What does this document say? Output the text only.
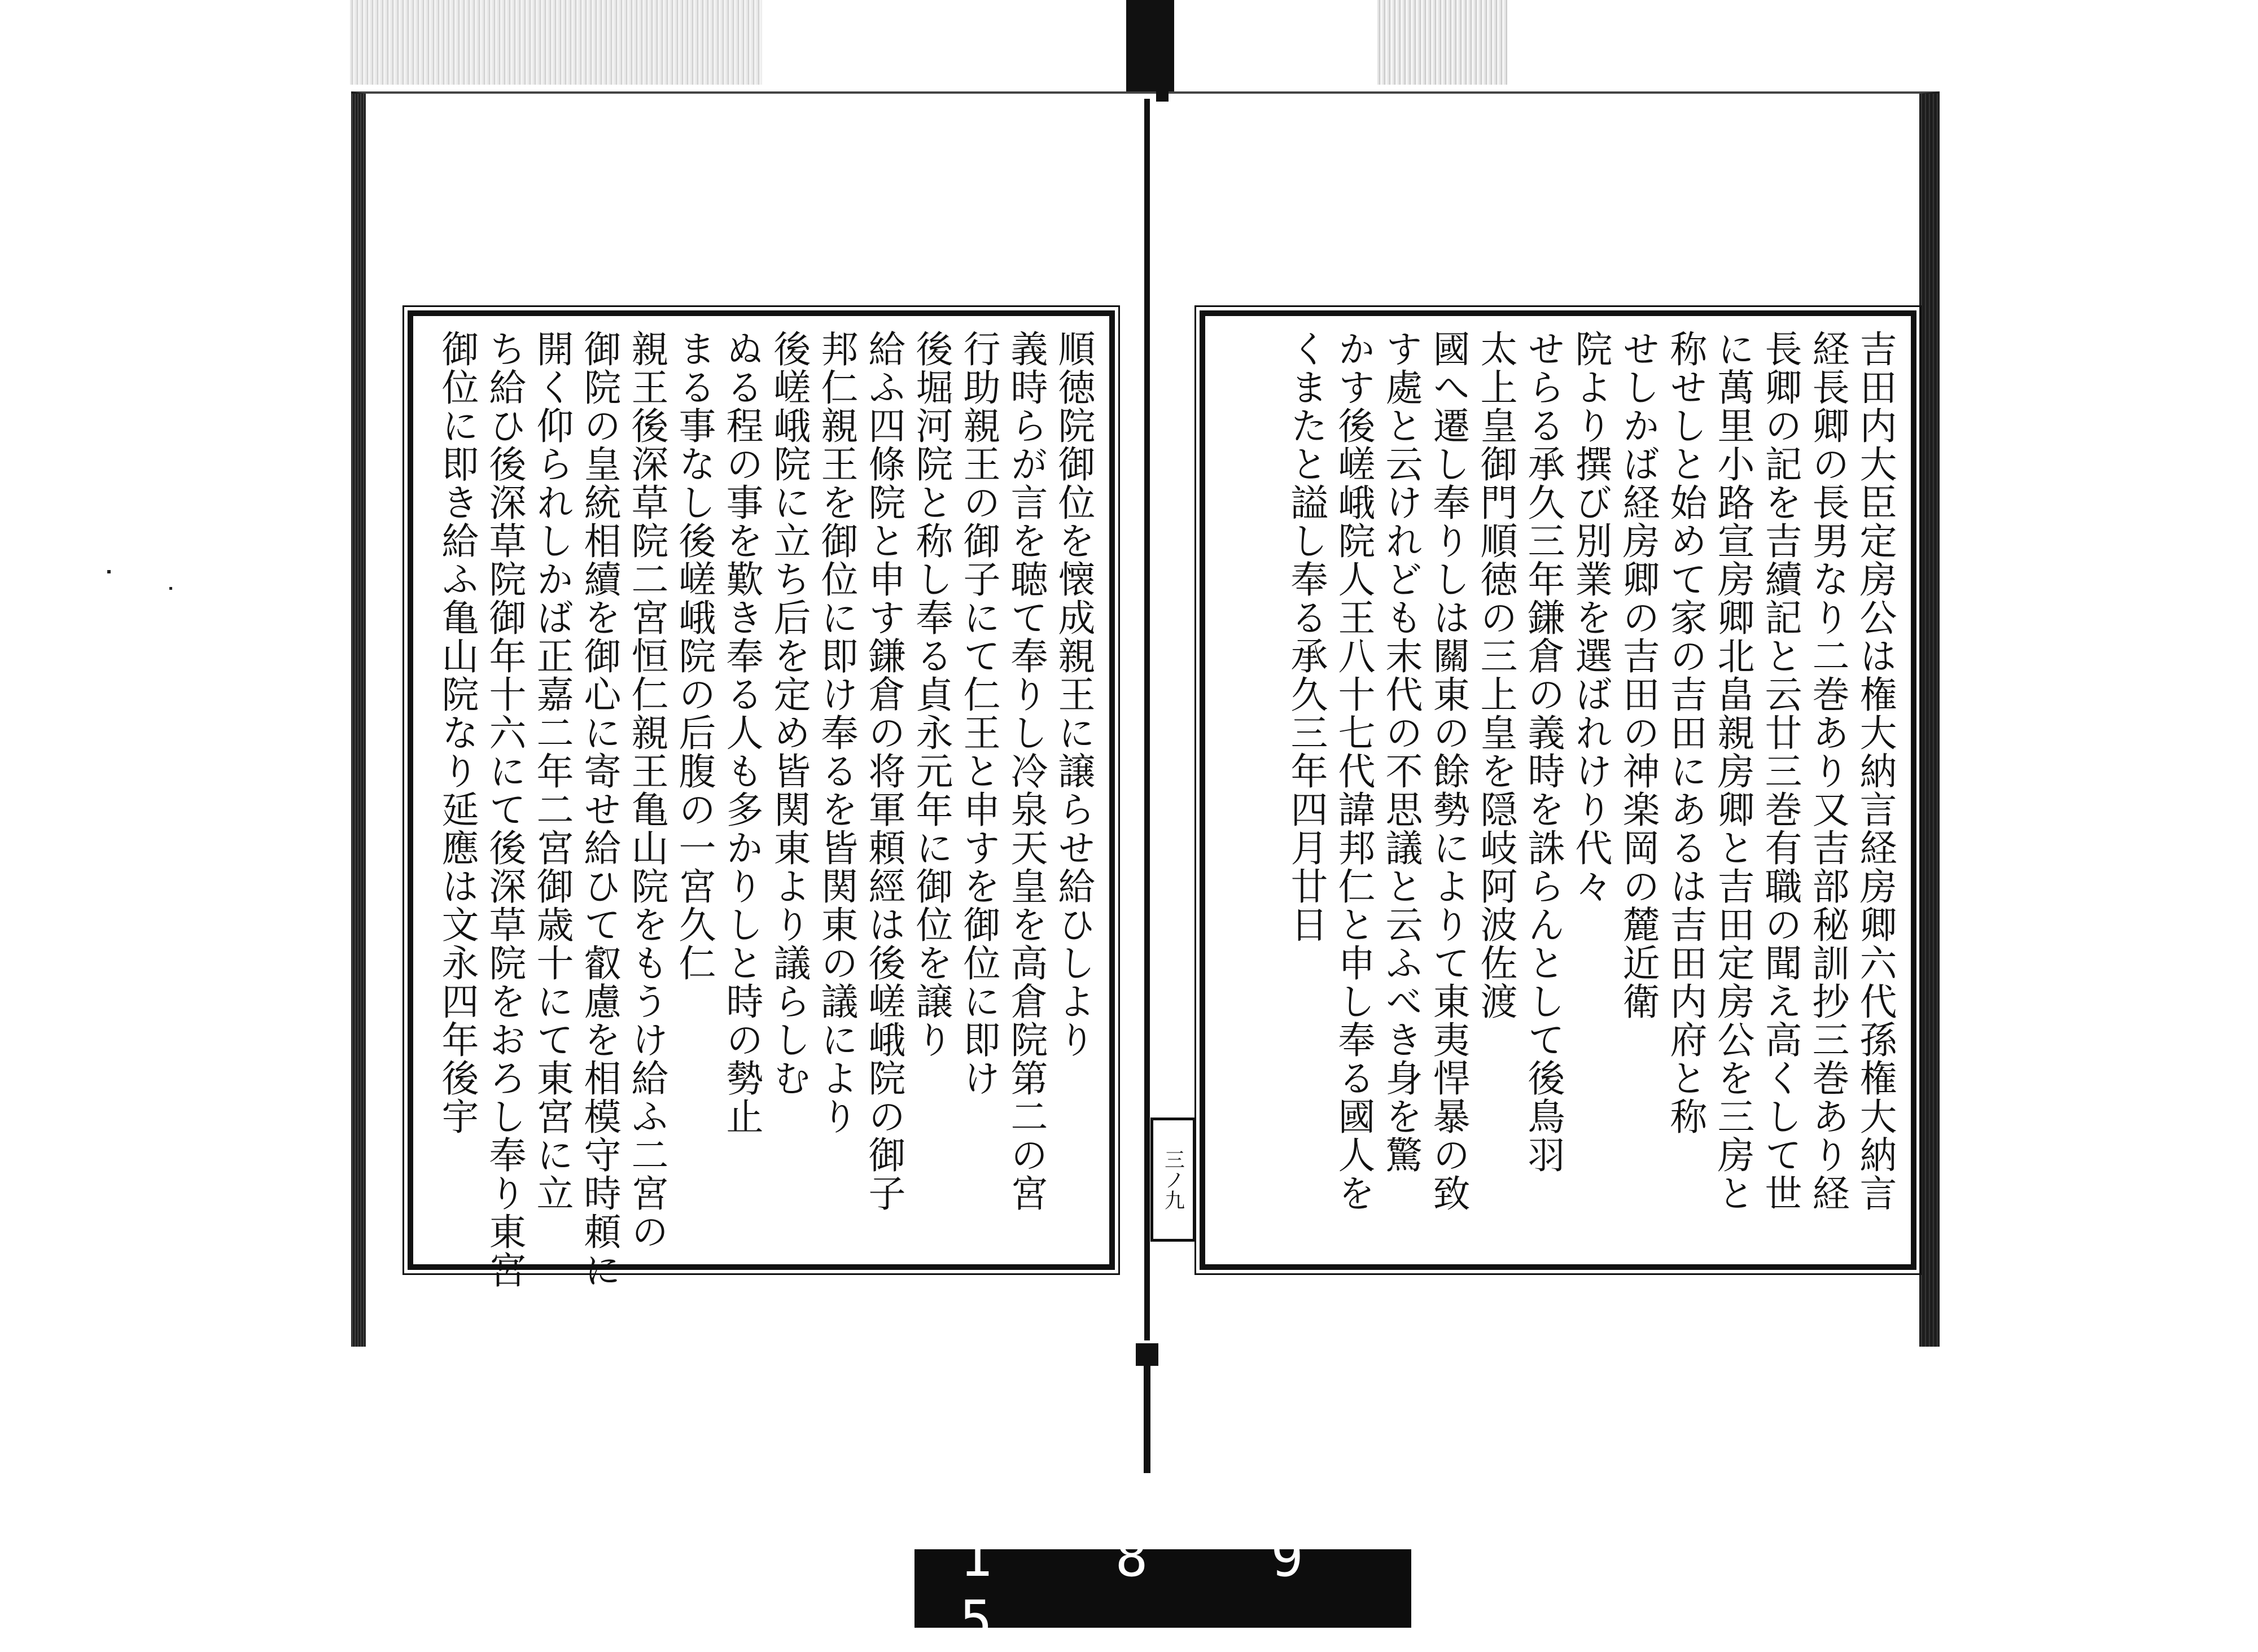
順徳院御位を懐成親王に譲らせ給ひしより
義時らが言を聴て奉りし冷泉天皇を高倉院第二の宮
行助親王の御子にて仁王と申すを御位に即け
後堀河院と称し奉る貞永元年に御位を譲り
給ふ四條院と申す鎌倉の将軍頼經は後嵯峨院の御子
邦仁親王を御位に即け奉るを皆関東の議により
後嵯峨院に立ち后を定め皆関東より議らしむ
ぬる程の事を歎き奉る人も多かりしと時の勢止
まる事なし後嵯峨院の后腹の一宮久仁
親王後深草院二宮恒仁親王亀山院をもうけ給ふ二宮の
御院の皇統相續を御心に寄せ給ひて叡慮を相模守時頼に
開く仰られしかば正嘉二年二宮御歳十にて東宮に立
ち給ひ後深草院御年十六にて後深草院をおろし奉り東宮
御位に即き給ふ亀山院なり延應は文永四年後宇	吉田内大臣定房公は権大納言経房卿六代孫権大納言
経長卿の長男なり二巻あり又吉部秘訓抄三巻あり経
長卿の記を吉續記と云廿三巻有職の聞え高くして世
に萬里小路宣房卿北畠親房卿と吉田定房公を三房と
称せしと始めて家の吉田にあるは吉田内府と称
せしかば経房卿の吉田の神楽岡の麓近衛
院より撰び別業を選ばれけり代々
せらる承久三年鎌倉の義時を誅らんとして後鳥羽
太上皇御門順徳の三上皇を隠岐阿波佐渡
國へ遷し奉りしは關東の餘勢によりて東夷悍暴の致
す處と云けれども末代の不思議と云ふべき身を驚
かす後嵯峨院人王八十七代諱邦仁と申し奉る國人を
くまたと謚し奉る承久三年四月廿日
三ノ九
1 8 9 5
